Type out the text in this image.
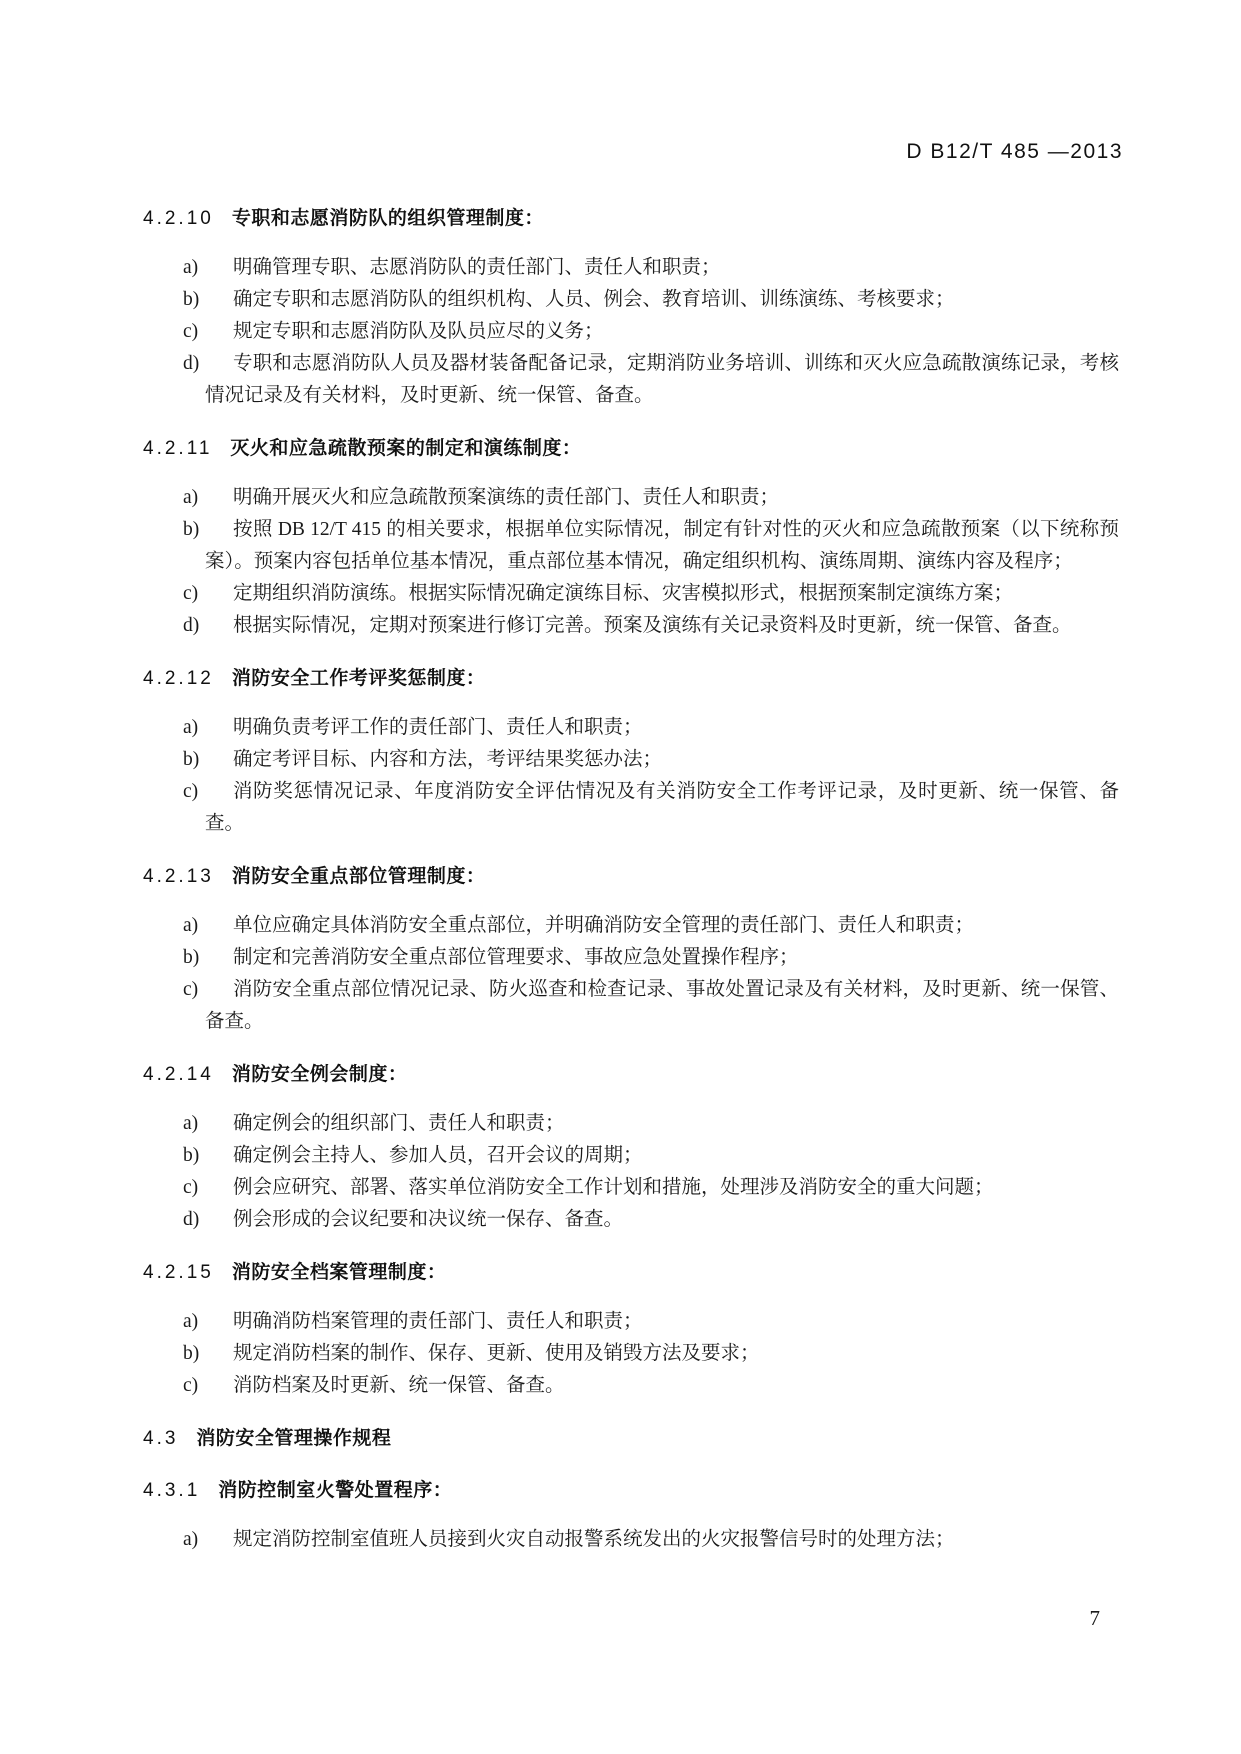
D B12/T 485 —2013
4.2.10 专职和志愿消防队的组织管理制度：
a) 明确管理专职、志愿消防队的责任部门、责任人和职责；
b) 确定专职和志愿消防队的组织机构、人员、例会、教育培训、训练演练、考核要求；
c) 规定专职和志愿消防队及队员应尽的义务；
d) 专职和志愿消防队人员及器材装备配备记录，定期消防业务培训、训练和灭火应急疏散演练记录，考核情况记录及有关材料，及时更新、统一保管、备查。
4.2.11 灭火和应急疏散预案的制定和演练制度：
a) 明确开展灭火和应急疏散预案演练的责任部门、责任人和职责；
b) 按照 DB 12/T 415 的相关要求，根据单位实际情况，制定有针对性的灭火和应急疏散预案（以下统称预案）。预案内容包括单位基本情况，重点部位基本情况，确定组织机构、演练周期、演练内容及程序；
c) 定期组织消防演练。根据实际情况确定演练目标、灾害模拟形式，根据预案制定演练方案；
d) 根据实际情况，定期对预案进行修订完善。预案及演练有关记录资料及时更新，统一保管、备查。
4.2.12 消防安全工作考评奖惩制度：
a) 明确负责考评工作的责任部门、责任人和职责；
b) 确定考评目标、内容和方法，考评结果奖惩办法；
c) 消防奖惩情况记录、年度消防安全评估情况及有关消防安全工作考评记录，及时更新、统一保管、备查。
4.2.13 消防安全重点部位管理制度：
a) 单位应确定具体消防安全重点部位，并明确消防安全管理的责任部门、责任人和职责；
b) 制定和完善消防安全重点部位管理要求、事故应急处置操作程序；
c) 消防安全重点部位情况记录、防火巡查和检查记录、事故处置记录及有关材料，及时更新、统一保管、备查。
4.2.14 消防安全例会制度：
a) 确定例会的组织部门、责任人和职责；
b) 确定例会主持人、参加人员，召开会议的周期；
c) 例会应研究、部署、落实单位消防安全工作计划和措施，处理涉及消防安全的重大问题；
d) 例会形成的会议纪要和决议统一保存、备查。
4.2.15 消防安全档案管理制度：
a) 明确消防档案管理的责任部门、责任人和职责；
b) 规定消防档案的制作、保存、更新、使用及销毁方法及要求；
c) 消防档案及时更新、统一保管、备查。
4.3 消防安全管理操作规程
4.3.1 消防控制室火警处置程序：
a) 规定消防控制室值班人员接到火灾自动报警系统发出的火灾报警信号时的处理方法；
7
